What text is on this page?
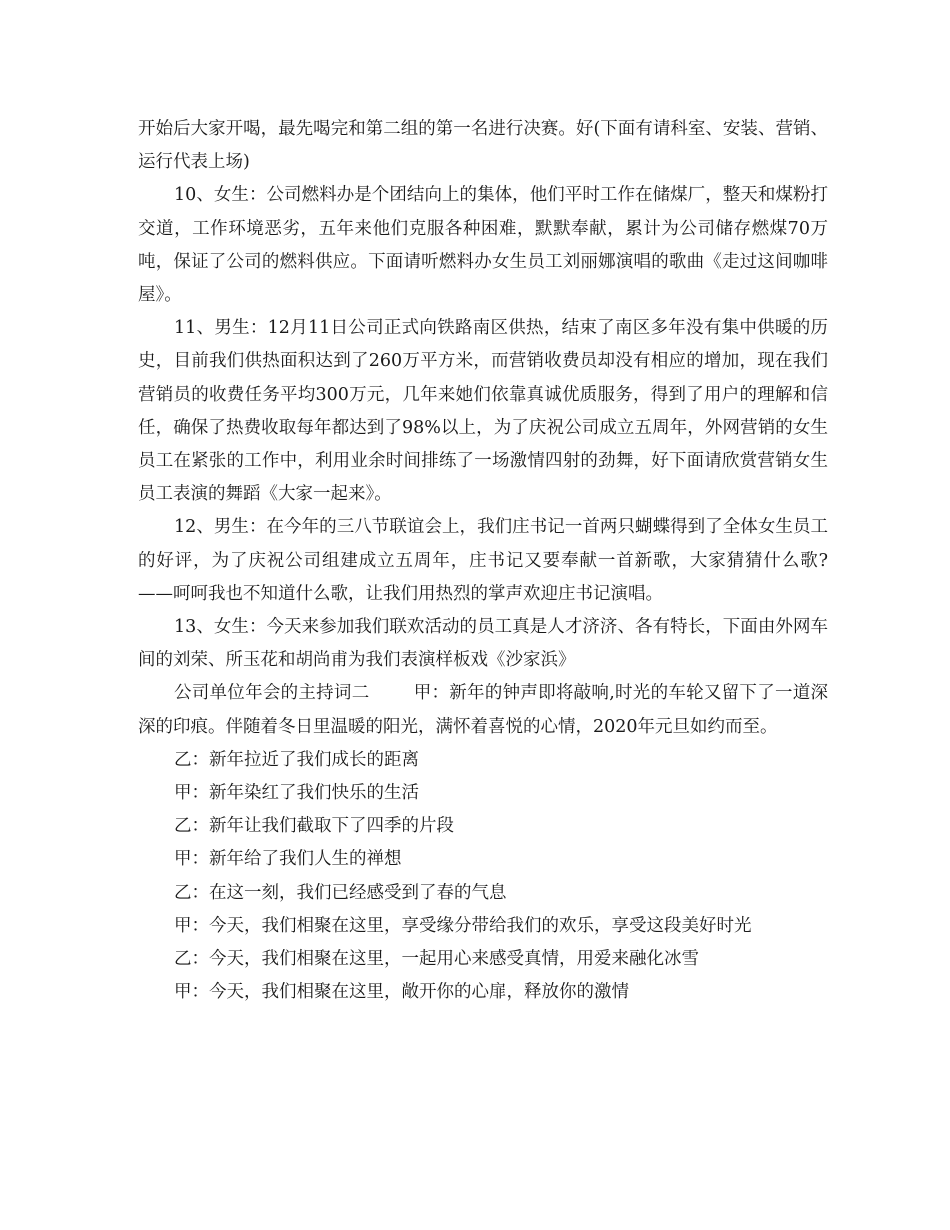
开始后大家开喝，最先喝完和第二组的第一名进行决赛。好(下面有请科室、安装、营销、运行代表上场)

10、女生：公司燃料办是个团结向上的集体，他们平时工作在储煤厂，整天和煤粉打交道，工作环境恶劣，五年来他们克服各种困难，默默奉献，累计为公司储存燃煤70万吨，保证了公司的燃料供应。下面请听燃料办女生员工刘丽娜演唱的歌曲《走过这间咖啡屋》。

11、男生：12月11日公司正式向铁路南区供热，结束了南区多年没有集中供暖的历史，目前我们供热面积达到了260万平方米，而营销收费员却没有相应的增加，现在我们营销员的收费任务平均300万元，几年来她们依靠真诚优质服务，得到了用户的理解和信任，确保了热费收取每年都达到了98%以上，为了庆祝公司成立五周年，外网营销的女生员工在紧张的工作中，利用业余时间排练了一场激情四射的劲舞，好下面请欣赏营销女生员工表演的舞蹈《大家一起来》。

12、男生：在今年的三八节联谊会上，我们庄书记一首两只蝴蝶得到了全体女生员工的好评，为了庆祝公司组建成立五周年，庄书记又要奉献一首新歌，大家猜猜什么歌?——呵呵我也不知道什么歌，让我们用热烈的掌声欢迎庄书记演唱。

13、女生：今天来参加我们联欢活动的员工真是人才济济、各有特长，下面由外网车间的刘荣、所玉花和胡尚甫为我们表演样板戏《沙家浜》

公司单位年会的主持词二	甲：新年的钟声即将敲响,时光的车轮又留下了一道深深的印痕。伴随着冬日里温暖的阳光，满怀着喜悦的心情，2020年元旦如约而至。

乙：新年拉近了我们成长的距离

甲：新年染红了我们快乐的生活

乙：新年让我们截取下了四季的片段

甲：新年给了我们人生的禅想

乙：在这一刻，我们已经感受到了春的气息

甲：今天，我们相聚在这里，享受缘分带给我们的欢乐，享受这段美好时光

乙：今天，我们相聚在这里，一起用心来感受真情，用爱来融化冰雪

甲：今天，我们相聚在这里，敞开你的心扉，释放你的激情
